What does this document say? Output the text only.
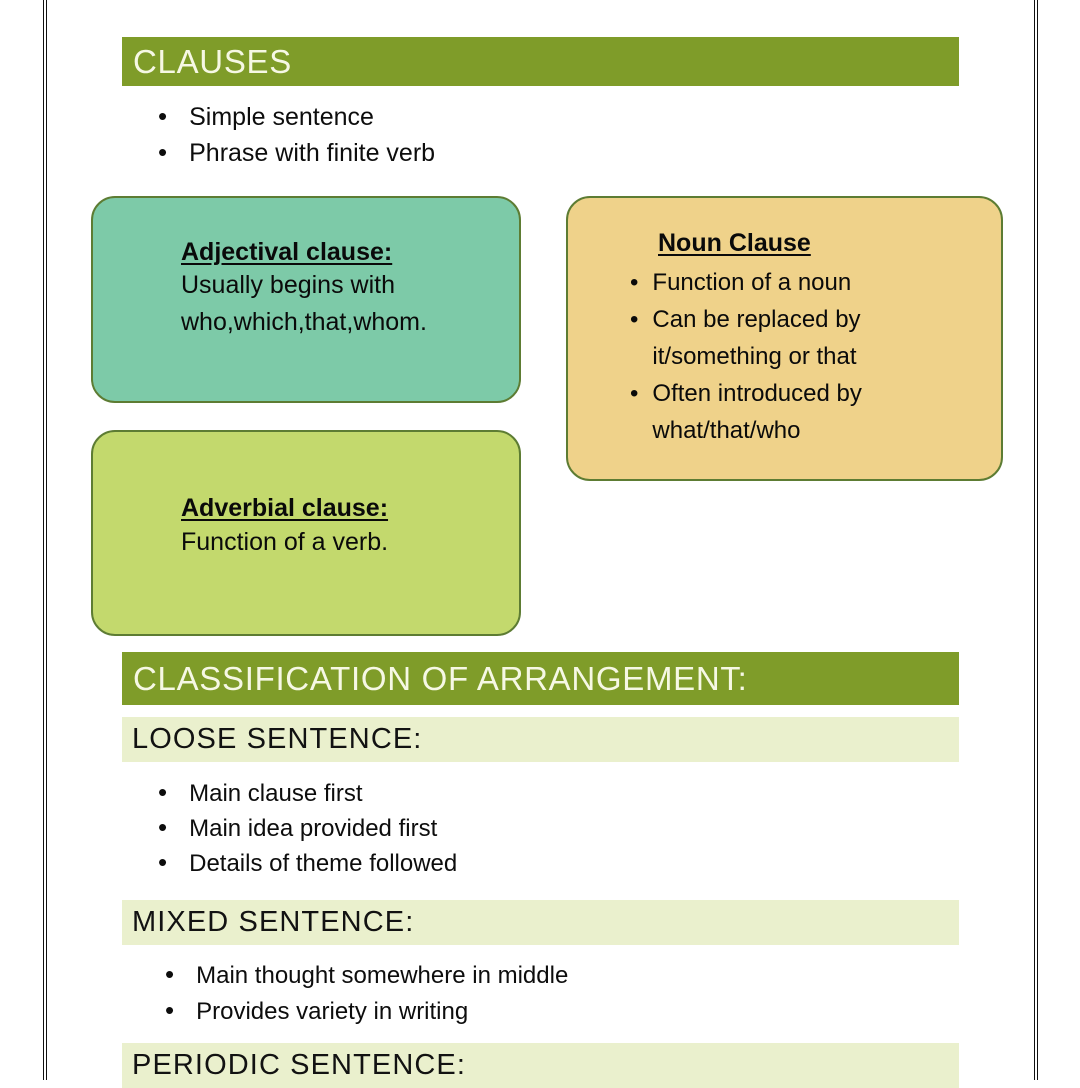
CLAUSES
• Simple sentence
• Phrase with finite verb
Adjectival clause:
Usually begins with
who,which,that,whom.
Adverbial clause:
Function of a verb.
Noun Clause
• Function of a noun
• Can be replaced by
it/something or that
• Often introduced by
what/that/who
CLASSIFICATION OF ARRANGEMENT:
LOOSE SENTENCE:
• Main clause first
• Main idea provided first
• Details of theme followed
MIXED SENTENCE:
• Main thought somewhere in middle
• Provides variety in writing
PERIODIC SENTENCE:
